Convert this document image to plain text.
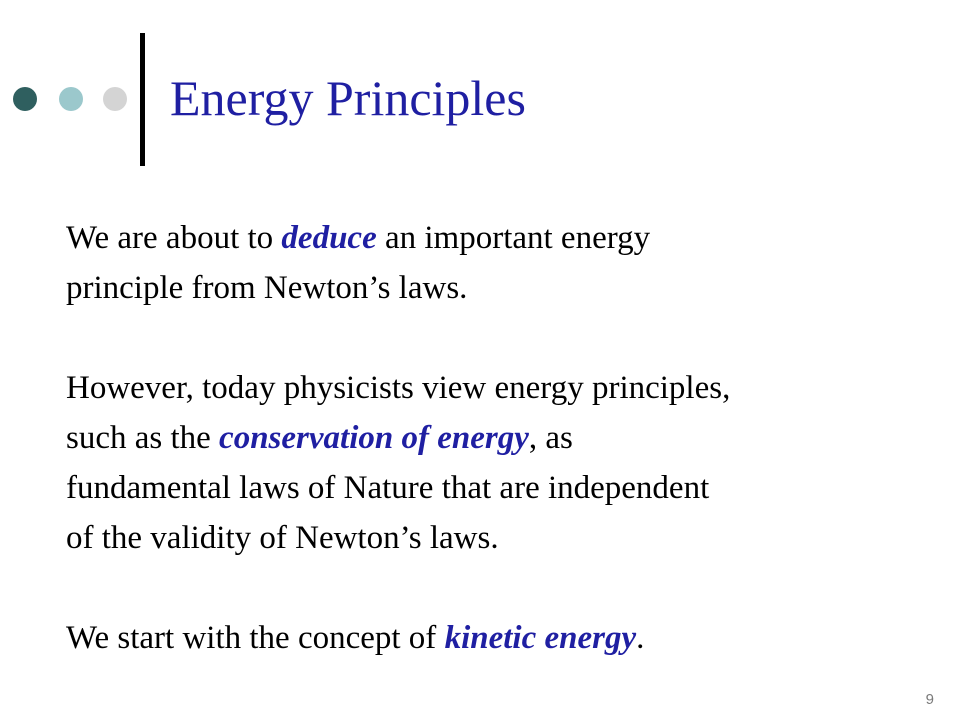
Energy Principles

We are about to deduce an important energy
principle from Newton’s laws.

However, today physicists view energy principles,
such as the conservation of energy, as
fundamental laws of Nature that are independent
of the validity of Newton’s laws.

We start with the concept of kinetic energy.

9
